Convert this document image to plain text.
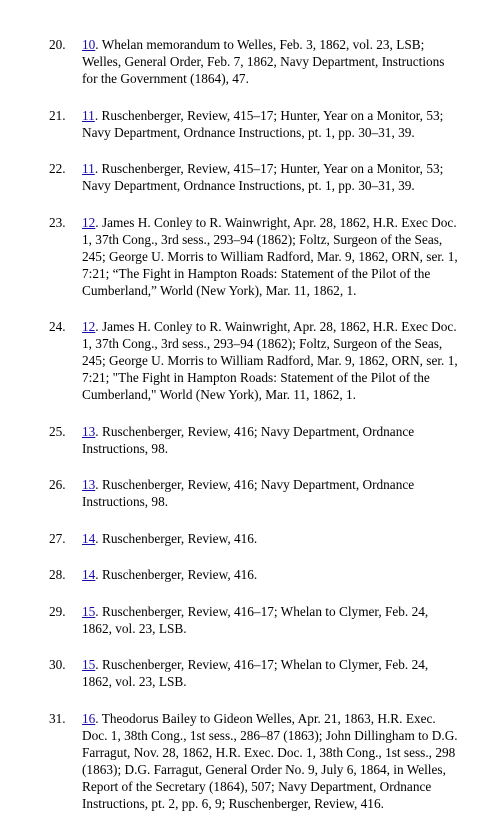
20. 10. Whelan memorandum to Welles, Feb. 3, 1862, vol. 23, LSB; Welles, General Order, Feb. 7, 1862, Navy Department, Instructions for the Government (1864), 47.
21. 11. Ruschenberger, Review, 415–17; Hunter, Year on a Monitor, 53; Navy Department, Ordnance Instructions, pt. 1, pp. 30–31, 39.
22. 11. Ruschenberger, Review, 415–17; Hunter, Year on a Monitor, 53; Navy Department, Ordnance Instructions, pt. 1, pp. 30–31, 39.
23. 12. James H. Conley to R. Wainwright, Apr. 28, 1862, H.R. Exec Doc. 1, 37th Cong., 3rd sess., 293–94 (1862); Foltz, Surgeon of the Seas, 245; George U. Morris to William Radford, Mar. 9, 1862, ORN, ser. 1, 7:21; “The Fight in Hampton Roads: Statement of the Pilot of the Cumberland,” World (New York), Mar. 11, 1862, 1.
24. 12. James H. Conley to R. Wainwright, Apr. 28, 1862, H.R. Exec Doc. 1, 37th Cong., 3rd sess., 293–94 (1862); Foltz, Surgeon of the Seas, 245; George U. Morris to William Radford, Mar. 9, 1862, ORN, ser. 1, 7:21; "The Fight in Hampton Roads: Statement of the Pilot of the Cumberland," World (New York), Mar. 11, 1862, 1.
25. 13. Ruschenberger, Review, 416; Navy Department, Ordnance Instructions, 98.
26. 13. Ruschenberger, Review, 416; Navy Department, Ordnance Instructions, 98.
27. 14. Ruschenberger, Review, 416.
28. 14. Ruschenberger, Review, 416.
29. 15. Ruschenberger, Review, 416–17; Whelan to Clymer, Feb. 24, 1862, vol. 23, LSB.
30. 15. Ruschenberger, Review, 416–17; Whelan to Clymer, Feb. 24, 1862, vol. 23, LSB.
31. 16. Theodorus Bailey to Gideon Welles, Apr. 21, 1863, H.R. Exec. Doc. 1, 38th Cong., 1st sess., 286–87 (1863); John Dillingham to D.G. Farragut, Nov. 28, 1862, H.R. Exec. Doc. 1, 38th Cong., 1st sess., 298 (1863); D.G. Farragut, General Order No. 9, July 6, 1864, in Welles, Report of the Secretary (1864), 507; Navy Department, Ordnance Instructions, pt. 2, pp. 6, 9; Ruschenberger, Review, 416.
